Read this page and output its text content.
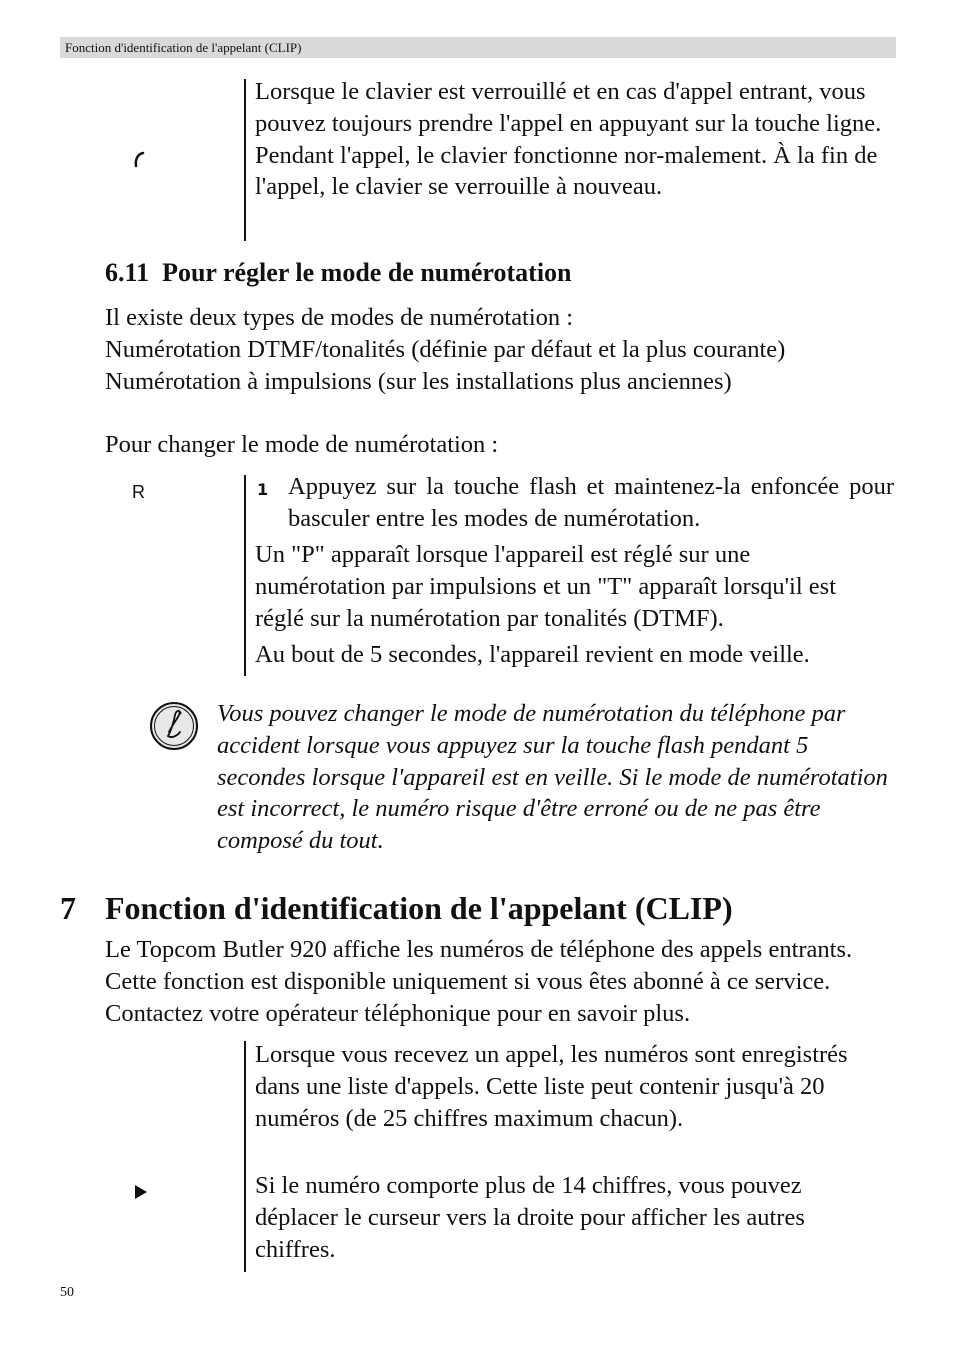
Fonction d'identification de l'appelant (CLIP)
Lorsque le clavier est verrouillé et en cas d'appel entrant, vous pouvez toujours prendre l'appel en appuyant sur la touche ligne. Pendant l'appel, le clavier fonctionne nor-malement. À la fin de l'appel, le clavier se verrouille à nouveau.
6.11  Pour régler le mode de numérotation
Il existe deux types de modes de numérotation :
Numérotation DTMF/tonalités (définie par défaut et la plus courante)
Numérotation à impulsions (sur les installations plus anciennes)
Pour changer le mode de numérotation :
R	1 Appuyez sur la touche flash et maintenez-la enfoncée pour basculer entre les modes de numérotation.
Un "P" apparaît lorsque l'appareil est réglé sur une numérotation par impulsions et un "T" apparaît lorsqu'il est réglé sur la numérotation par tonalités (DTMF).
Au bout de 5 secondes, l'appareil revient en mode veille.
Vous pouvez changer le mode de numérotation du téléphone par accident lorsque vous appuyez sur la touche flash pendant 5 secondes lorsque l'appareil est en veille. Si le mode de numérotation est incorrect, le numéro risque d'être erroné ou de ne pas être composé du tout.
7 Fonction d'identification de l'appelant (CLIP)
Le Topcom Butler 920 affiche les numéros de téléphone des appels entrants. Cette fonction est disponible uniquement si vous êtes abonné à ce service. Contactez votre opérateur téléphonique pour en savoir plus.
Lorsque vous recevez un appel, les numéros sont enregistrés dans une liste d'appels. Cette liste peut contenir jusqu'à 20 numéros (de 25 chiffres maximum chacun).
Si le numéro comporte plus de 14 chiffres, vous pouvez déplacer le curseur vers la droite pour afficher les autres chiffres.
50
